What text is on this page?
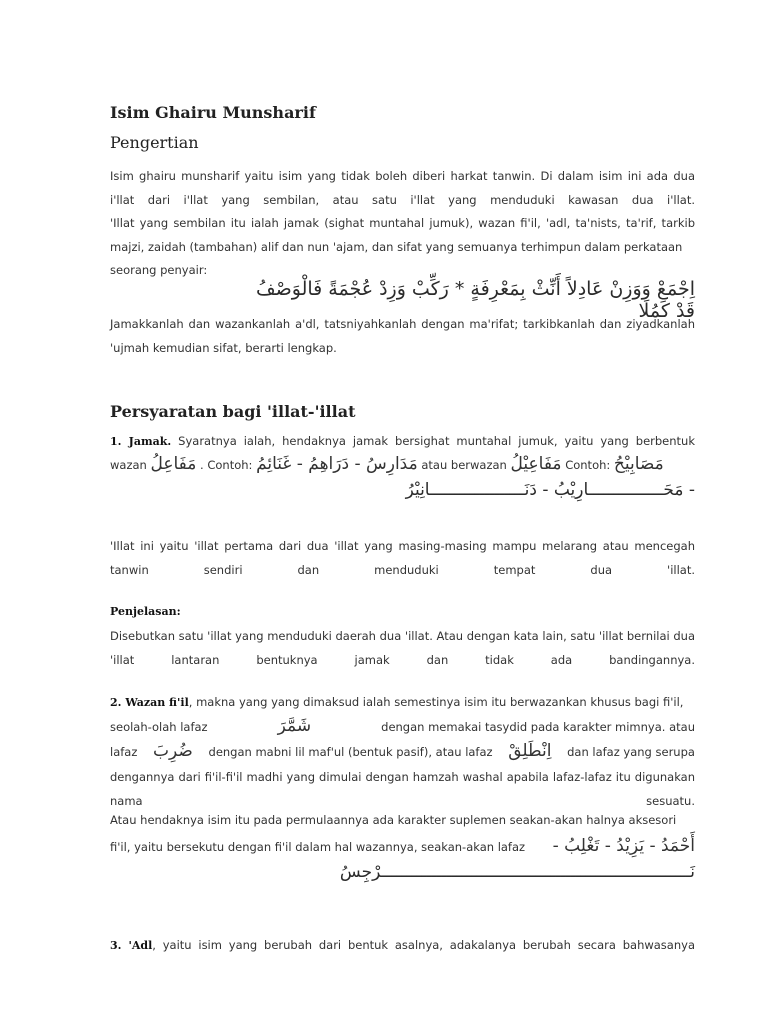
Isim Ghairu Munsharif
Pengertian
Isim ghairu munsharif yaitu isim yang tidak boleh diberi harkat tanwin. Di dalam isim ini ada dua i'llat dari i'llat yang sembilan, atau satu i'llat yang menduduki kawasan dua i'llat.
'Illat yang sembilan itu ialah jamak (sighat muntahal jumuk), wazan fi'il, 'adl, ta'nists, ta'rif, tarkib majzi, zaidah (tambahan) alif dan nun 'ajam, dan sifat yang semuanya terhimpun dalam perkataan
seorang penyair:
اِجْمَعْ وَوَزِنْ عَادِلاً أَنِّثْ بِمَعْرِفَةٍ * رَكِّبْ وَزِدْ عُجْمَةً فَالْوَصْفُ قَدْ كَمُلَا
Jamakkanlah dan wazankanlah a'dl, tatsniyahkanlah dengan ma'rifat; tarkibkanlah dan ziyadkanlah 'ujmah kemudian sifat, berarti lengkap.
Persyaratan bagi 'illat-'illat
1. Jamak. Syaratnya ialah, hendaknya jamak bersighat muntahal jumuk, yaitu yang berbentuk
wazan مَفَاعِلُ . Contoh: مَدَارِسُ - دَرَاهِمُ - غَنَائِمُ atau berwazan مَفَاعِيْلُ Contoh: مَصَابِيْحُ
- مَحَـــــــــــــــارِيْبُ - دَنَـــــــــــــــــــانِيْرُ
'Illat ini yaitu 'illat pertama dari dua 'illat yang masing-masing mampu melarang atau mencegah tanwin sendiri dan menduduki tempat dua 'illat.
Penjelasan:
Disebutkan satu 'illat yang menduduki daerah dua 'illat. Atau dengan kata lain, satu 'illat bernilai dua 'illat lantaran bentuknya jamak dan tidak ada bandingannya.
2. Wazan fi'il, makna yang yang dimaksud ialah semestinya isim itu berwazankan khusus bagi fi'il,
seolah-olah lafaz	شَمَّرَ	dengan memakai tasydid pada karakter mimnya. atau
lafaz ضُرِبَ dengan mabni lil maf'ul (bentuk pasif), atau lafaz اِنْطَلِقْ dan lafaz yang serupa
dengannya dari fi'il-fi'il madhi yang dimulai dengan hamzah washal apabila lafaz-lafaz itu digunakan nama sesuatu.
Atau hendaknya isim itu pada permulaannya ada karakter suplemen seakan-akan halnya aksesori
fi'il, yaitu bersekutu dengan fi'il dalam hal wazannya, seakan-akan lafaz أَحْمَدُ - يَزِيْدُ - تَغْلِبُ -
نَــــــــــــــــــــــــــــــــــــــــــــــــــــــــــــــرْجِسُ
3. 'Adl, yaitu isim yang berubah dari bentuk asalnya, adakalanya berubah secara bahwasanya
